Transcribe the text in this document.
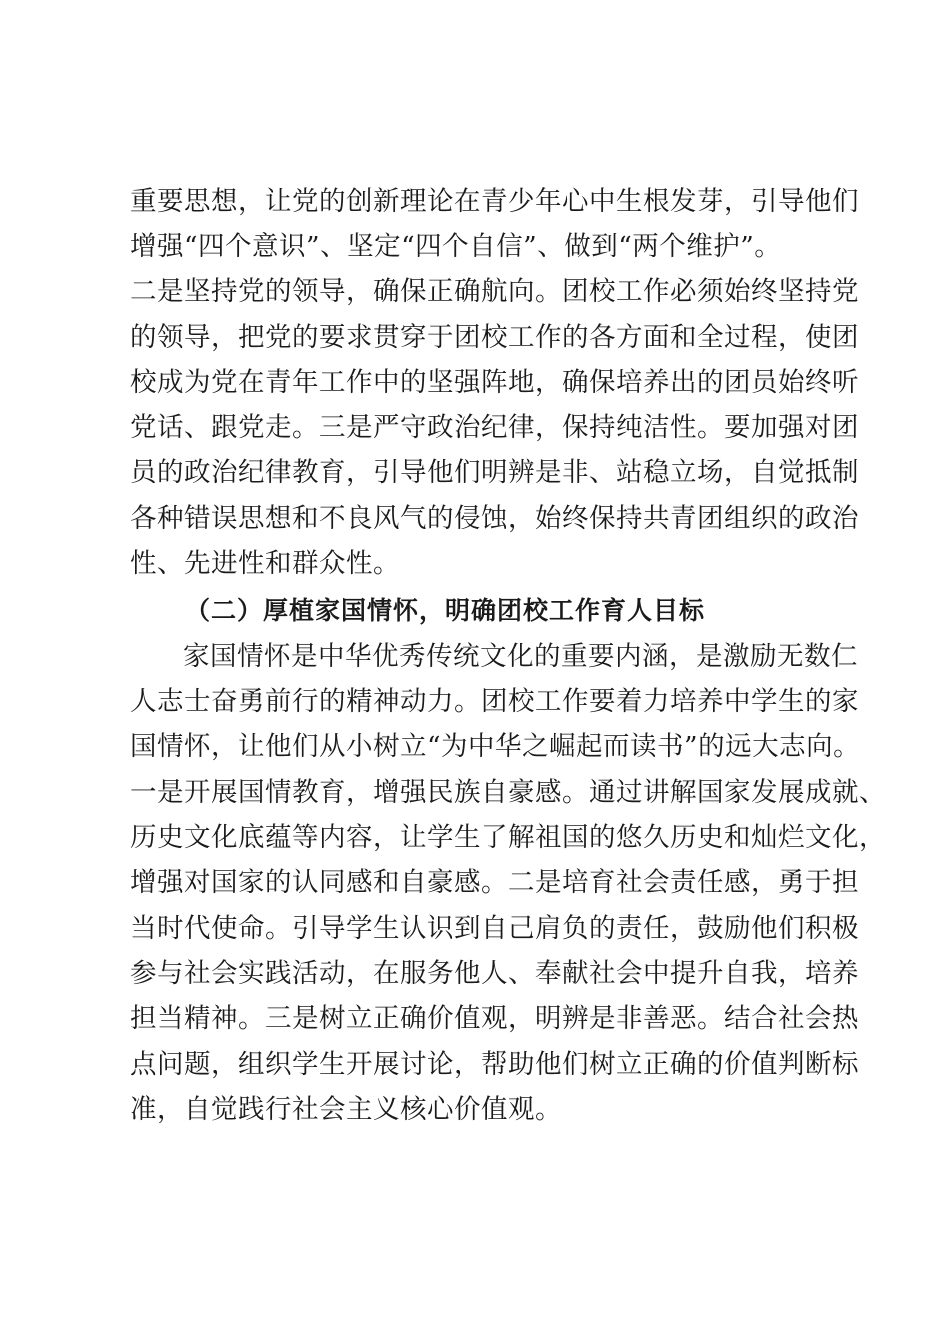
重要思想，让党的创新理论在青少年心中生根发芽，引导他们
增强“四个意识”、坚定“四个自信”、做到“两个维护”。
二是坚持党的领导，确保正确航向。团校工作必须始终坚持党
的领导，把党的要求贯穿于团校工作的各方面和全过程，使团
校成为党在青年工作中的坚强阵地，确保培养出的团员始终听
党话、跟党走。三是严守政治纪律，保持纯洁性。要加强对团
员的政治纪律教育，引导他们明辨是非、站稳立场，自觉抵制
各种错误思想和不良风气的侵蚀，始终保持共青团组织的政治
性、先进性和群众性。
（二）厚植家国情怀，明确团校工作育人目标
家国情怀是中华优秀传统文化的重要内涵，是激励无数仁
人志士奋勇前行的精神动力。团校工作要着力培养中学生的家
国情怀，让他们从小树立“为中华之崛起而读书”的远大志向。
一是开展国情教育，增强民族自豪感。通过讲解国家发展成就、
历史文化底蕴等内容，让学生了解祖国的悠久历史和灿烂文化，
增强对国家的认同感和自豪感。二是培育社会责任感，勇于担
当时代使命。引导学生认识到自己肩负的责任，鼓励他们积极
参与社会实践活动，在服务他人、奉献社会中提升自我，培养
担当精神。三是树立正确价值观，明辨是非善恶。结合社会热
点问题，组织学生开展讨论，帮助他们树立正确的价值判断标
准，自觉践行社会主义核心价值观。
